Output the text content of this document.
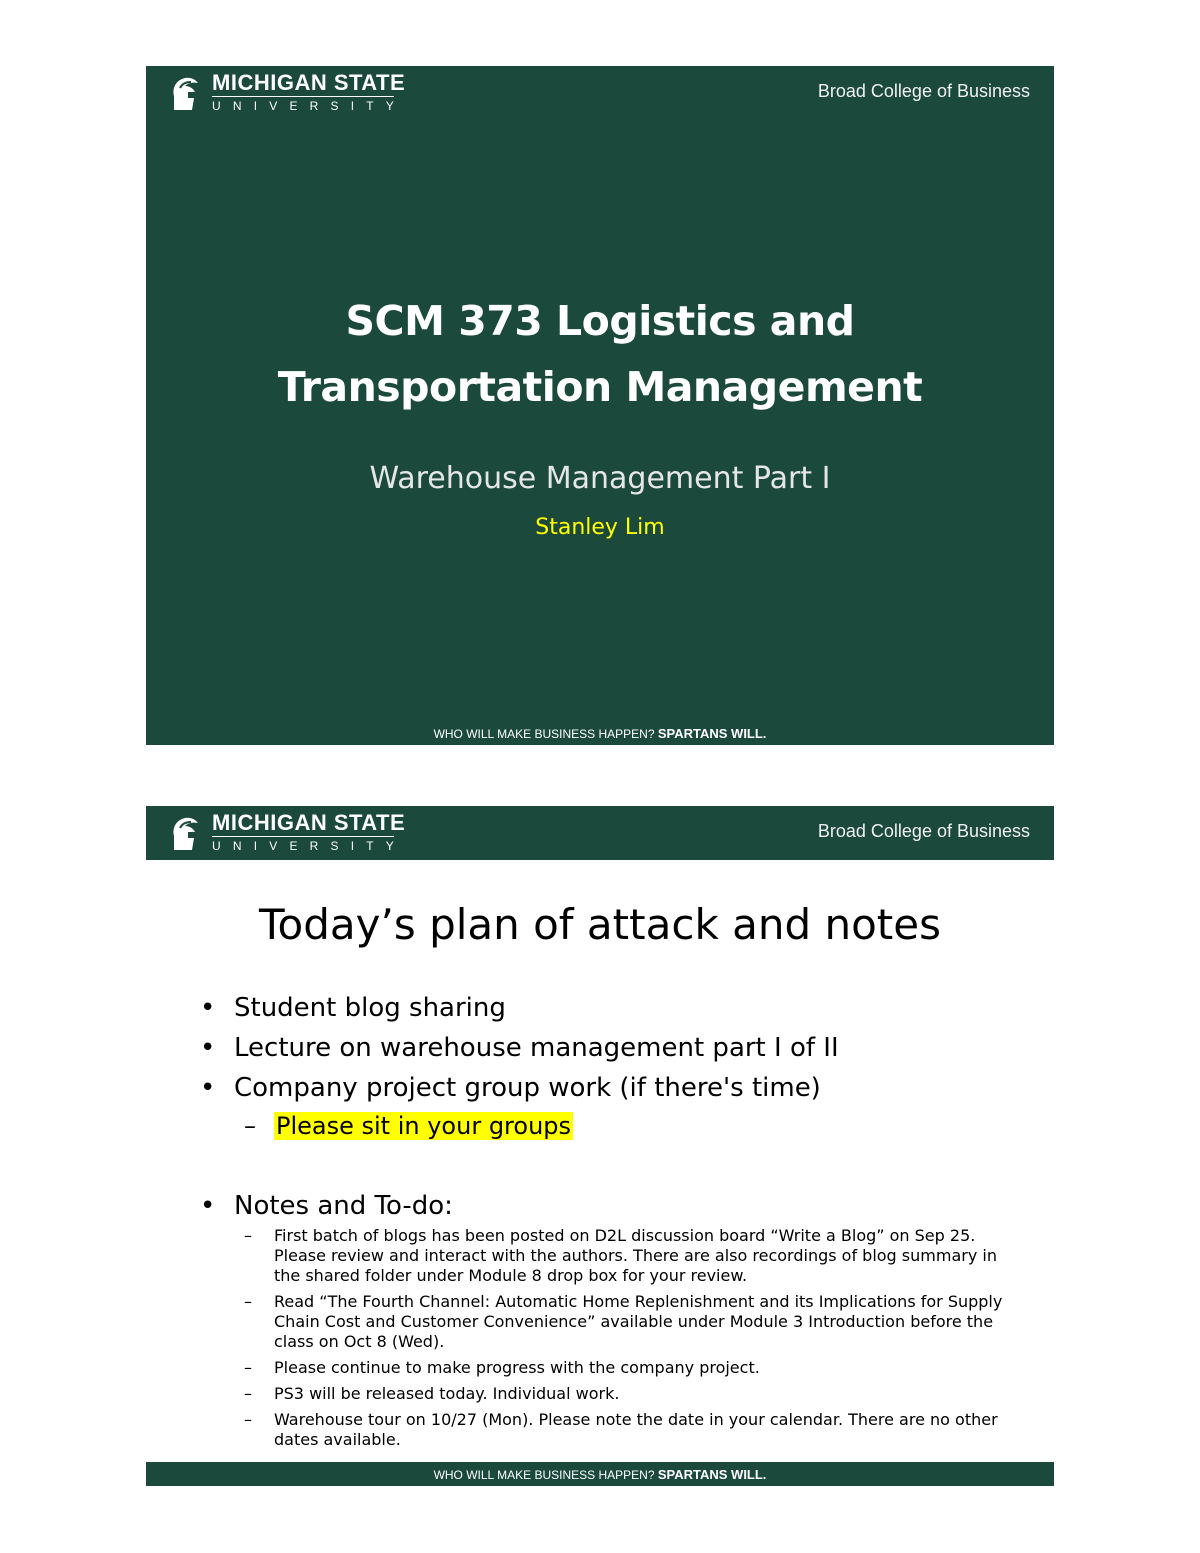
MICHIGAN STATE
UNIVERSITY
Broad College of Business
SCM 373 Logistics and
Transportation Management
Warehouse Management Part I
Stanley Lim
WHO WILL MAKE BUSINESS HAPPEN? SPARTANS WILL.
MICHIGAN STATE
UNIVERSITY
Broad College of Business
Today’s plan of attack and notes
• Student blog sharing
• Lecture on warehouse management part I of II
• Company project group work (if there's time)
– Please sit in your groups
• Notes and To-do:
– First batch of blogs has been posted on D2L discussion board “Write a Blog” on Sep 25. Please review and interact with the authors. There are also recordings of blog summary in the shared folder under Module 8 drop box for your review.
– Read “The Fourth Channel: Automatic Home Replenishment and its Implications for Supply Chain Cost and Customer Convenience” available under Module 3 Introduction before the class on Oct 8 (Wed).
– Please continue to make progress with the company project.
– PS3 will be released today. Individual work.
– Warehouse tour on 10/27 (Mon). Please note the date in your calendar. There are no other dates available.
WHO WILL MAKE BUSINESS HAPPEN? SPARTANS WILL.
